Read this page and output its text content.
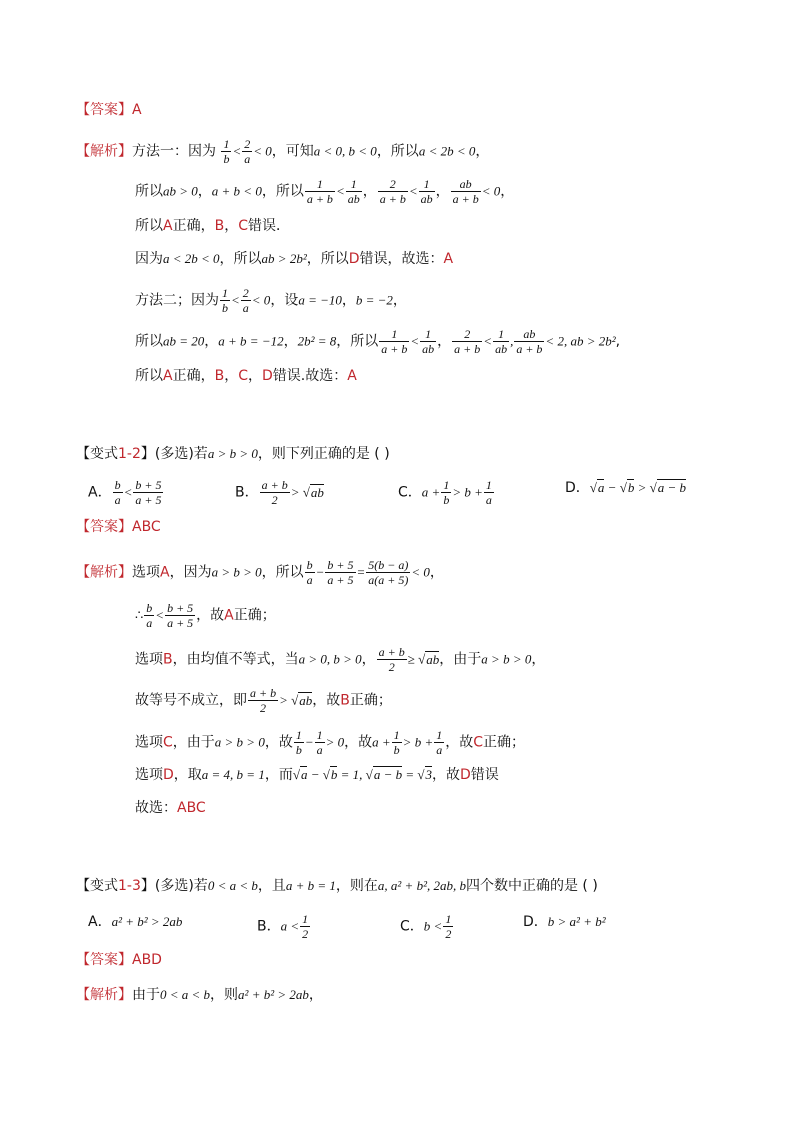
【答案】A
【解析】方法一：因为 $\frac{1}{b} < \frac{2}{a} < 0$，可知a < 0, b < 0，所以a < 2b < 0，
所以ab > 0，a + b < 0，所以 $\frac{1}{a + b} < \frac{1}{ab}$ ， $\frac{2}{a + b} < \frac{1}{ab}$ ， $\frac{ab}{a + b} < 0$，
所以A正确，B，C错误．
因为a < 2b < 0，所以ab > 2b²，所以D错误，故选：A
方法二；因为 $\frac{1}{b} < \frac{2}{a} < 0$，设a = −10，b = −2，
所以ab = 20，a + b = −12，2b² = 8，所以 $\frac{1}{a + b} < \frac{1}{ab}$ ， $\frac{2}{a + b} < \frac{1}{ab}$ , $\frac{ab}{a + b} < 2$, ab > 2b²,
所以A正确，B，C，D错误.故选：A
【变式1-2】(多选)若a > b > 0，则下列正确的是 ( )
A． $\frac{b}{a} < \frac{b + 5}{a + 5}$	B． $\frac{a + b}{2} > √ab$	C．$a + \frac{1}{b} > b + \frac{1}{a}$	D．√a − √b > √a − b
【答案】ABC
【解析】选项A，因为a > b > 0，所以 $\frac{b}{a} - \frac{b + 5}{a + 5} = \frac{5(b - a)}{a(a + 5)} < 0$，
∴ $\frac{b}{a} < \frac{b + 5}{a + 5}$ ，故A正确；
选项B，由均值不等式，当a > 0, b > 0， $\frac{a + b}{2} \ge √ab$，由于a > b > 0，
故等号不成立，即 $\frac{a + b}{2} > √ab$，故B正确；
选项C，由于a > b > 0，故 $\frac{1}{b} - \frac{1}{a} > 0$，故$a + \frac{1}{b} > b + \frac{1}{a}$ ，故C正确；
选项D，取a = 4, b = 1，而√a − √b = 1, √a − b = √3，故D错误
故选：ABC
【变式1-3】(多选)若0 < a < b，且a + b = 1，则在a, a² + b², 2ab, b四个数中正确的是 ( )
A．a² + b² > 2ab	B．$a < \frac{1}{2}$	C．$b < \frac{1}{2}$	D．b > a² + b²
【答案】ABD
【解析】由于0 < a < b，则a² + b² > 2ab，
